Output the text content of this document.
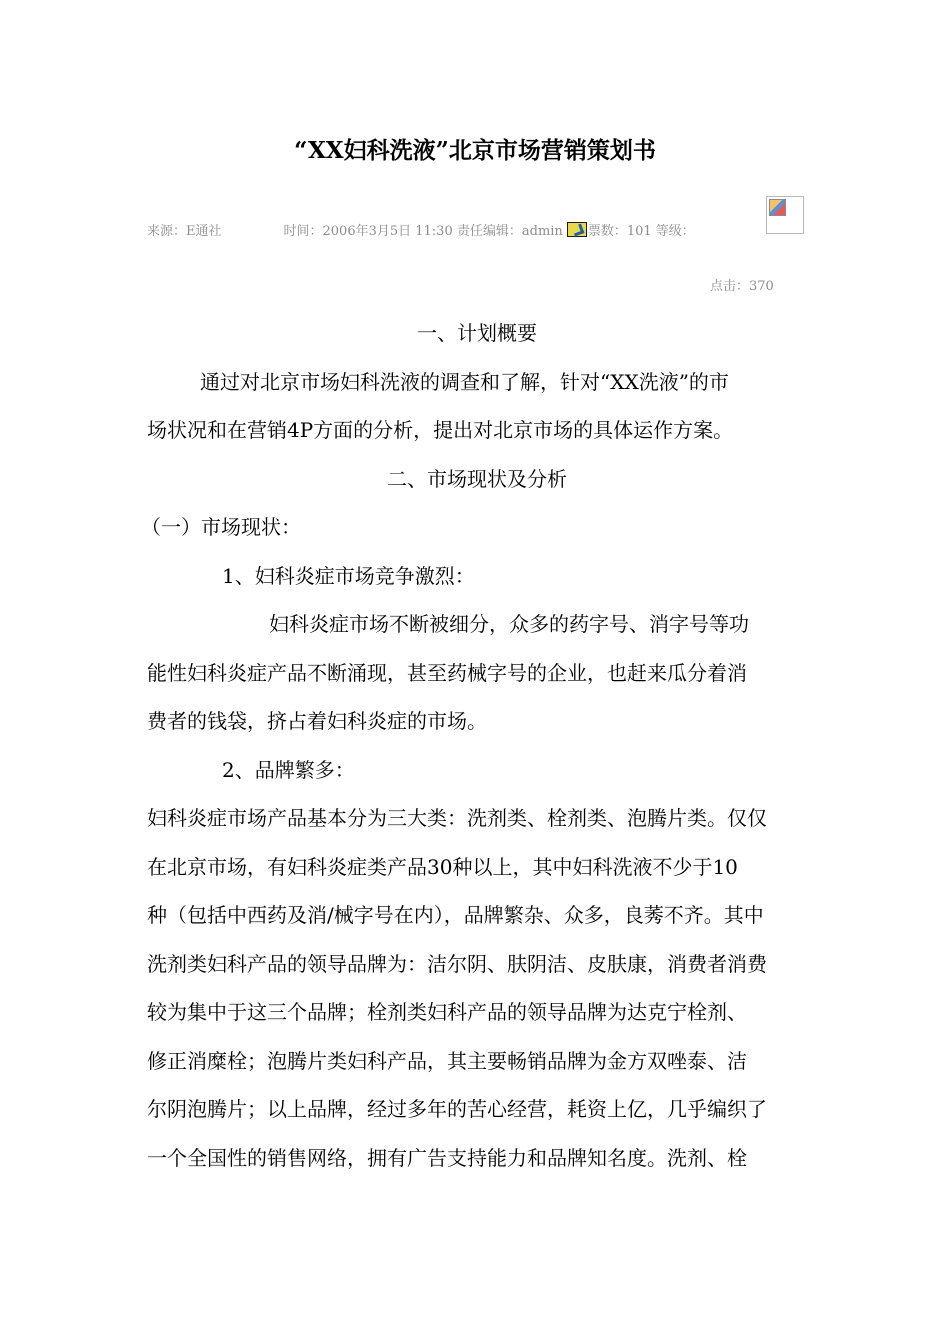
“XX妇科洗液”北京市场营销策划书
来源：E通社	时间：2006年3月5日 11:30 责任编辑：admin 票数：101 等级：
点击：370
一、计划概要
通过对北京市场妇科洗液的调查和了解，针对“XX洗液”的市
场状况和在营销4P方面的分析，提出对北京市场的具体运作方案。
二、市场现状及分析
（一）市场现状：
1、妇科炎症市场竞争激烈：
妇科炎症市场不断被细分，众多的药字号、消字号等功
能性妇科炎症产品不断涌现，甚至药械字号的企业，也赶来瓜分着消
费者的钱袋，挤占着妇科炎症的市场。
2、品牌繁多：
妇科炎症市场产品基本分为三大类：洗剂类、栓剂类、泡腾片类。仅仅
在北京市场，有妇科炎症类产品30种以上，其中妇科洗液不少于10
种（包括中西药及消/械字号在内），品牌繁杂、众多，良莠不齐。其中
洗剂类妇科产品的领导品牌为：洁尔阴、肤阴洁、皮肤康，消费者消费
较为集中于这三个品牌；栓剂类妇科产品的领导品牌为达克宁栓剂、
修正消糜栓；泡腾片类妇科产品，其主要畅销品牌为金方双唑泰、洁
尔阴泡腾片；以上品牌，经过多年的苦心经营，耗资上亿，几乎编织了
一个全国性的销售网络，拥有广告支持能力和品牌知名度。洗剂、栓
